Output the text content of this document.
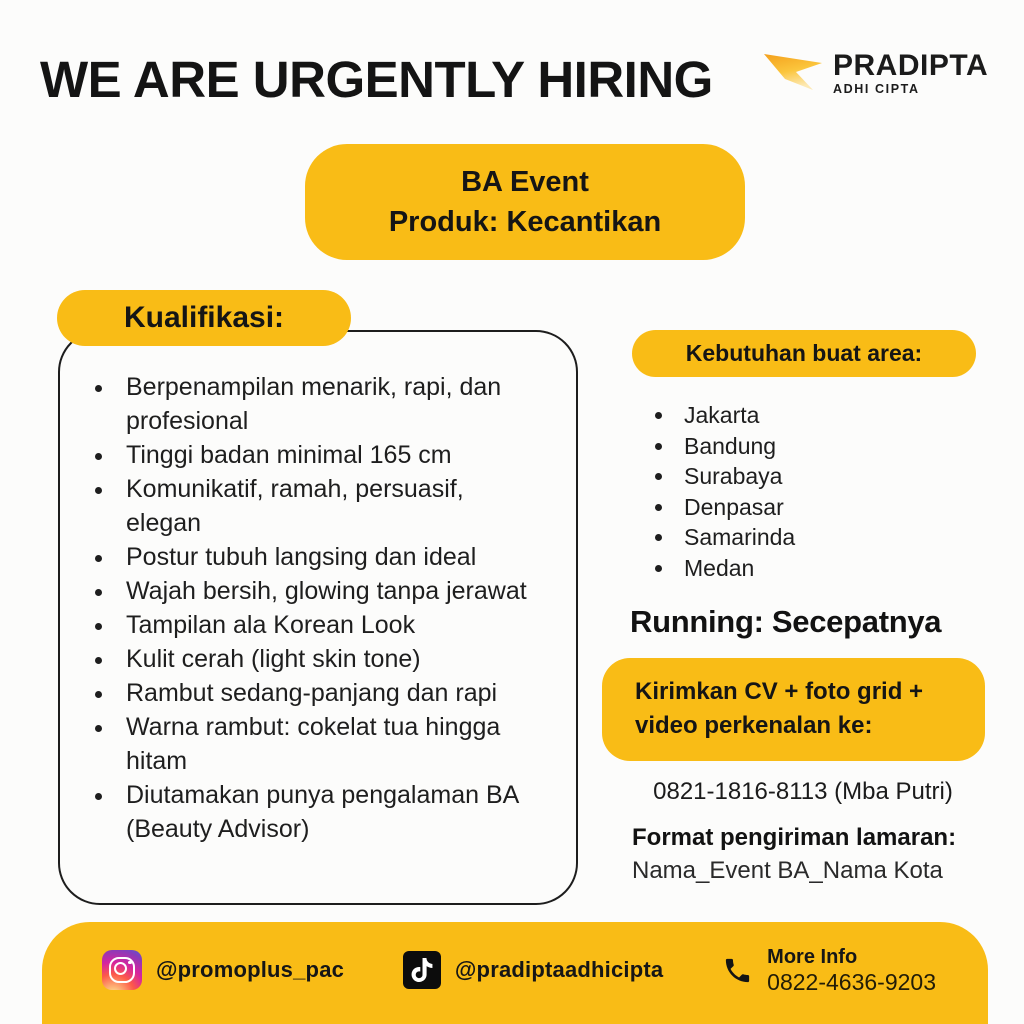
WE ARE URGENTLY HIRING	PRADIPTA
ADHI CIPTA
BA Event
Produk: Kecantikan
Kualifikasi:
• Berpenampilan menarik, rapi, dan profesional
• Tinggi badan minimal 165 cm
• Komunikatif, ramah, persuasif, elegan
• Postur tubuh langsing dan ideal
• Wajah bersih, glowing tanpa jerawat
• Tampilan ala Korean Look
• Kulit cerah (light skin tone)
• Rambut sedang-panjang dan rapi
• Warna rambut: cokelat tua hingga hitam
• Diutamakan punya pengalaman BA (Beauty Advisor)
Kebutuhan buat area:
• Jakarta
• Bandung
• Surabaya
• Denpasar
• Samarinda
• Medan
Running: Secepatnya
Kirimkan CV + foto grid +
video perkenalan ke:
0821-1816-8113 (Mba Putri)
Format pengiriman lamaran:
Nama_Event BA_Nama Kota
@promoplus_pac	@pradiptaadhicipta
More Info
0822-4636-9203
